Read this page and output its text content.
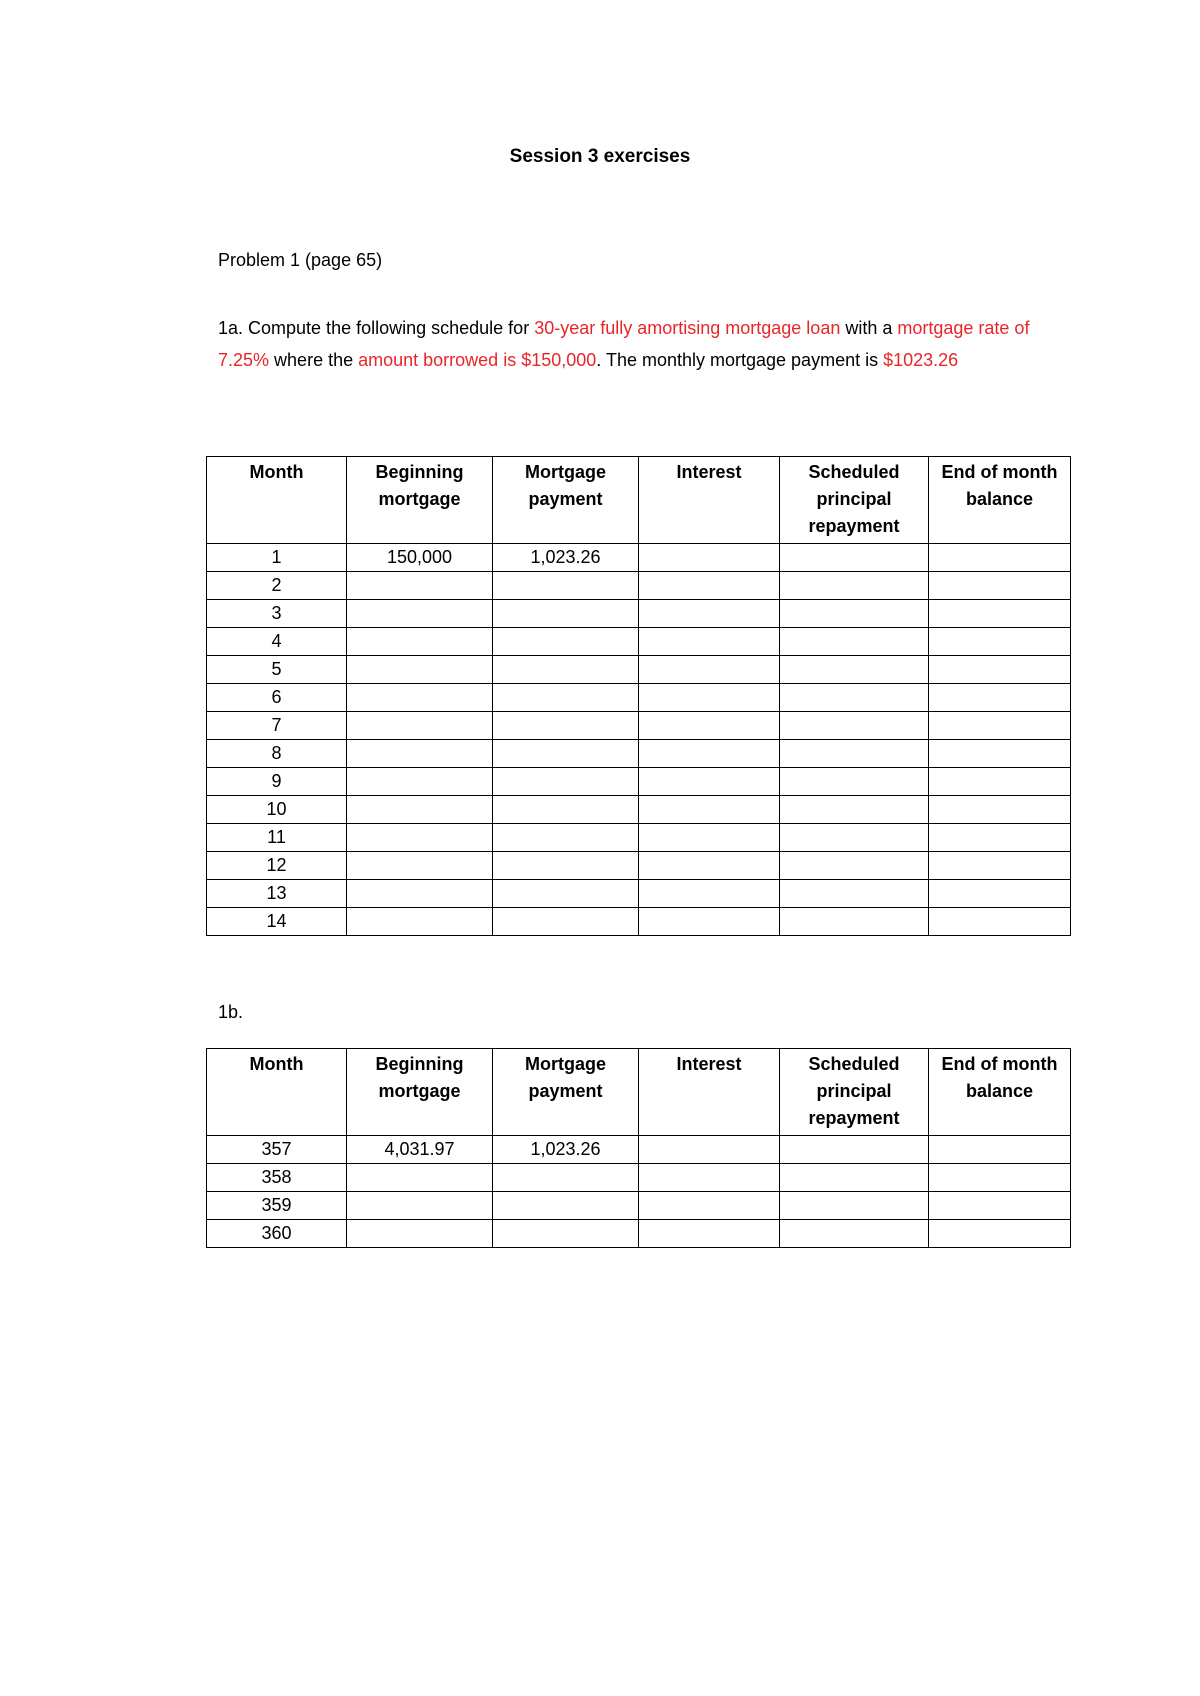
Session 3 exercises
Problem 1 (page 65)
1a. Compute the following schedule for 30-year fully amortising mortgage loan with a mortgage rate of 7.25% where the amount borrowed is $150,000. The monthly mortgage payment is $1023.26
Month	Beginning mortgage	Mortgage payment	Interest	Scheduled principal repayment	End of month balance
1	150,000	1,023.26			
2					
3					
4					
5					
6					
7					
8					
9					
10					
11					
12					
13					
14					
1b.
Month	Beginning mortgage	Mortgage payment	Interest	Scheduled principal repayment	End of month balance
357	4,031.97	1,023.26			
358					
359					
360					
